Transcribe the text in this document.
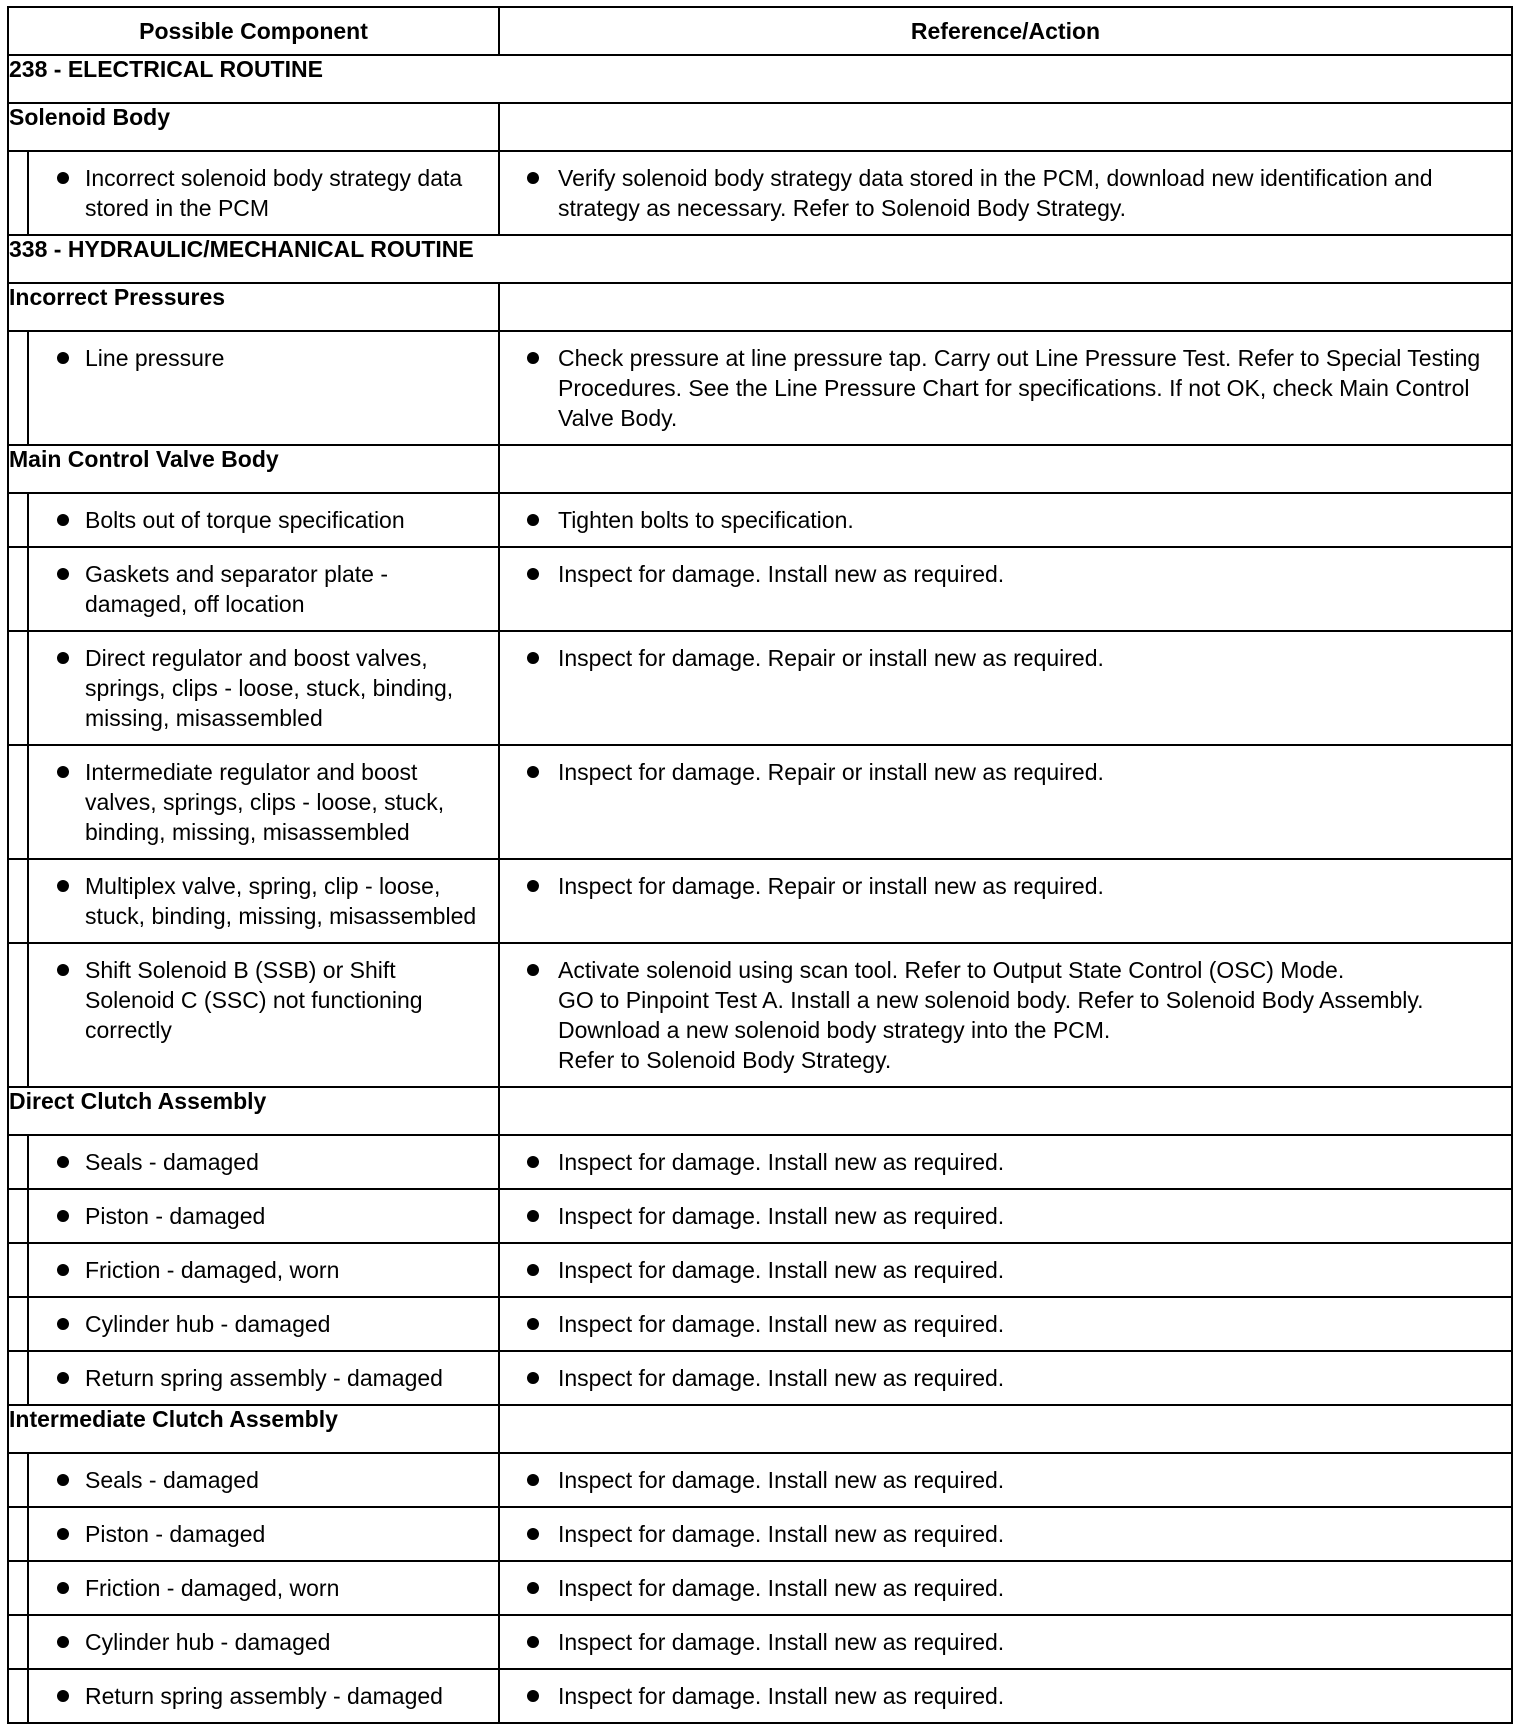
Possible Component		Reference/Action
238 - ELECTRICAL ROUTINE		
Solenoid Body		

	Incorrect solenoid body strategy data stored in the PCM	Verify solenoid body strategy data stored in the PCM, download new identification and strategy as necessary. Refer to Solenoid Body Strategy.

338 - HYDRAULIC/MECHANICAL ROUTINE		
Incorrect Pressures		

	Line pressure	Check pressure at line pressure tap. Carry out Line Pressure Test. Refer to Special Testing Procedures. See the Line Pressure Chart for specifications. If not OK, check Main Control Valve Body.

Main Control Valve Body		

	Bolts out of torque specification	Tighten bolts to specification.

	Gaskets and separator plate - damaged, off location	Inspect for damage. Install new as required.

	Direct regulator and boost valves, springs, clips - loose, stuck, binding, missing, misassembled	Inspect for damage. Repair or install new as required.

	Intermediate regulator and boost valves, springs, clips - loose, stuck, binding, missing, misassembled	Inspect for damage. Repair or install new as required.

	Multiplex valve, spring, clip - loose, stuck, binding, missing, misassembled	Inspect for damage. Repair or install new as required.

	Shift Solenoid B (SSB) or Shift Solenoid C (SSC) not functioning correctly	Activate solenoid using scan tool. Refer to Output State Control (OSC) Mode.
GO to Pinpoint Test A. Install a new solenoid body. Refer to Solenoid Body Assembly. Download a new solenoid body strategy into the PCM.
Refer to Solenoid Body Strategy.

Direct Clutch Assembly		

	Seals - damaged	Inspect for damage. Install new as required.

	Piston - damaged	Inspect for damage. Install new as required.

	Friction - damaged, worn	Inspect for damage. Install new as required.

	Cylinder hub - damaged	Inspect for damage. Install new as required.

	Return spring assembly - damaged	Inspect for damage. Install new as required.

Intermediate Clutch Assembly		

	Seals - damaged	Inspect for damage. Install new as required.

	Piston - damaged	Inspect for damage. Install new as required.

	Friction - damaged, worn	Inspect for damage. Install new as required.

	Cylinder hub - damaged	Inspect for damage. Install new as required.

	Return spring assembly - damaged	Inspect for damage. Install new as required.
